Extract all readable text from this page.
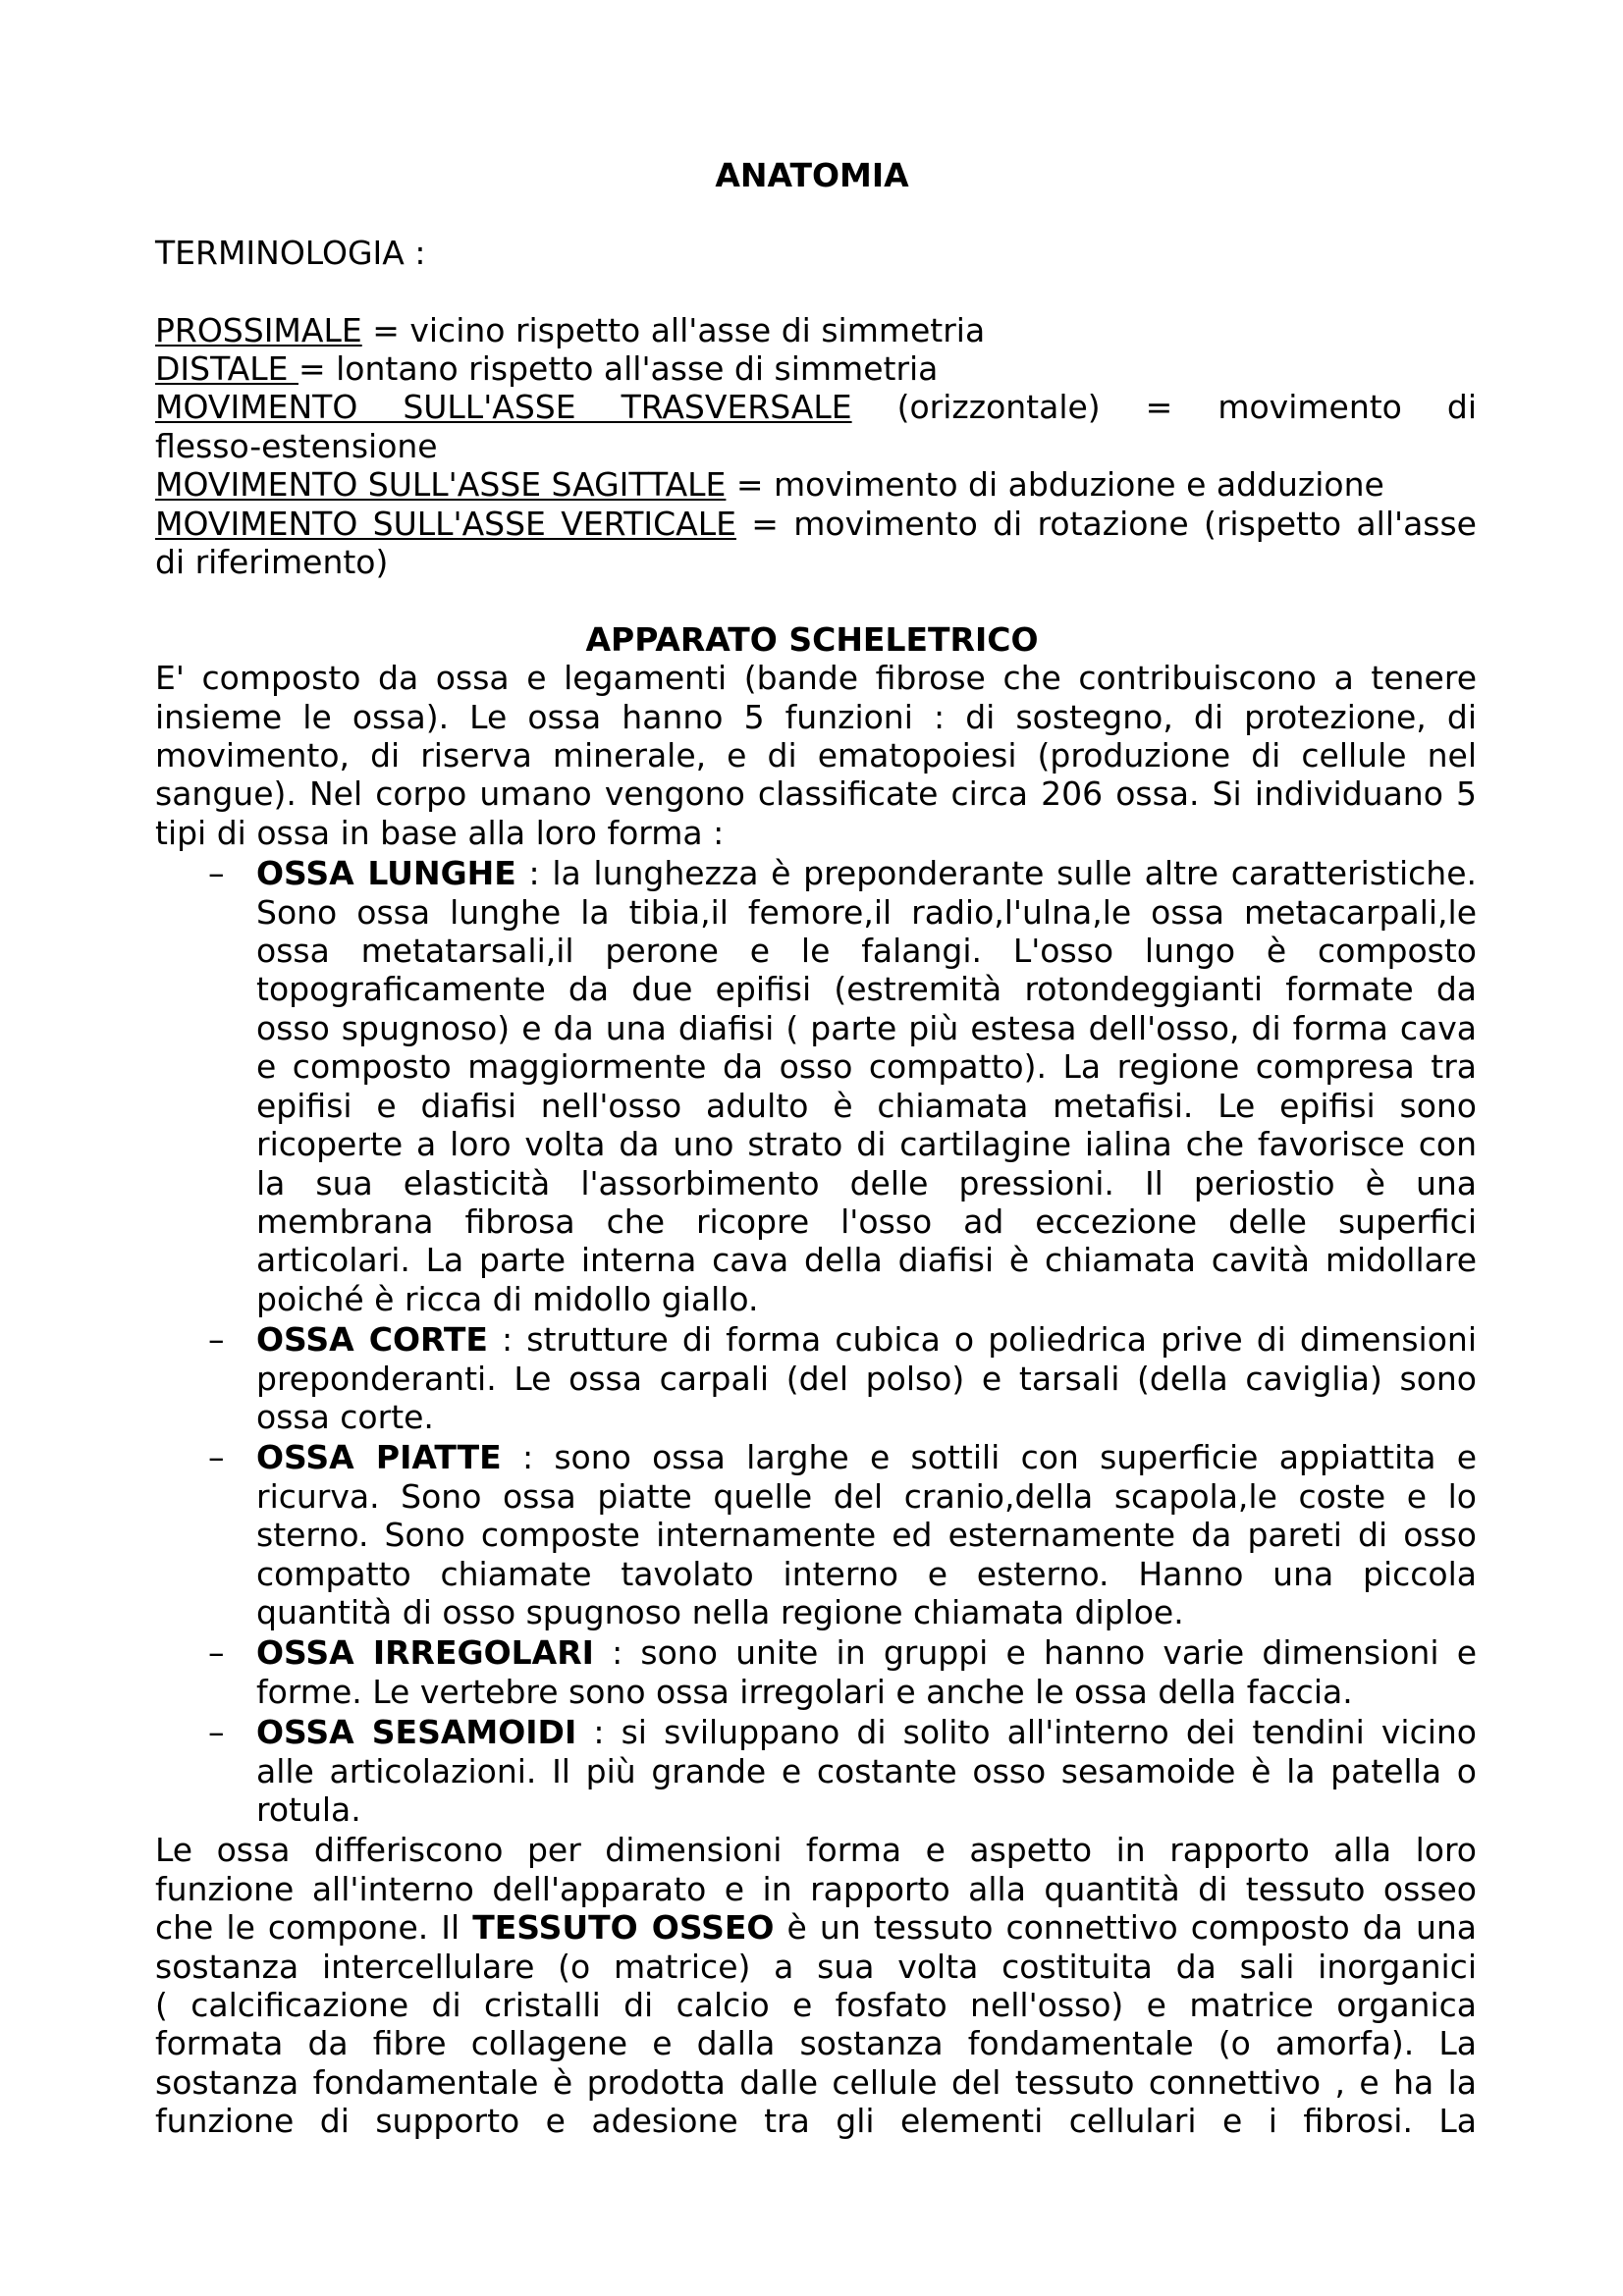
ANATOMIA
TERMINOLOGIA :
PROSSIMALE = vicino rispetto all'asse di simmetria
DISTALE = lontano rispetto all'asse di simmetria
MOVIMENTO SULL'ASSE TRASVERSALE (orizzontale) = movimento di
flesso-estensione
MOVIMENTO SULL'ASSE SAGITTALE = movimento di abduzione e adduzione
MOVIMENTO SULL'ASSE VERTICALE = movimento di rotazione (rispetto all'asse
di riferimento)
APPARATO SCHELETRICO
E' composto da ossa e legamenti (bande fibrose che contribuiscono a tenere
insieme le ossa). Le ossa hanno 5 funzioni : di sostegno, di protezione, di
movimento, di riserva minerale, e di ematopoiesi (produzione di cellule nel
sangue). Nel corpo umano vengono classificate circa 206 ossa. Si individuano 5
tipi di ossa in base alla loro forma :
– OSSA LUNGHE : la lunghezza è preponderante sulle altre caratteristiche.
Sono ossa lunghe la tibia,il femore,il radio,l'ulna,le ossa metacarpali,le
ossa metatarsali,il perone e le falangi. L'osso lungo è composto
topograficamente da due epifisi (estremità rotondeggianti formate da
osso spugnoso) e da una diafisi ( parte più estesa dell'osso, di forma cava
e composto maggiormente da osso compatto). La regione compresa tra
epifisi e diafisi nell'osso adulto è chiamata metafisi. Le epifisi sono
ricoperte a loro volta da uno strato di cartilagine ialina che favorisce con
la sua elasticità l'assorbimento delle pressioni. Il periostio è una
membrana fibrosa che ricopre l'osso ad eccezione delle superfici
articolari. La parte interna cava della diafisi è chiamata cavità midollare
poiché è ricca di midollo giallo.
– OSSA CORTE : strutture di forma cubica o poliedrica prive di dimensioni
preponderanti. Le ossa carpali (del polso) e tarsali (della caviglia) sono
ossa corte.
– OSSA PIATTE : sono ossa larghe e sottili con superficie appiattita e
ricurva. Sono ossa piatte quelle del cranio,della scapola,le coste e lo
sterno. Sono composte internamente ed esternamente da pareti di osso
compatto chiamate tavolato interno e esterno. Hanno una piccola
quantità di osso spugnoso nella regione chiamata diploe.
– OSSA IRREGOLARI : sono unite in gruppi e hanno varie dimensioni e
forme. Le vertebre sono ossa irregolari e anche le ossa della faccia.
– OSSA SESAMOIDI : si sviluppano di solito all'interno dei tendini vicino
alle articolazioni. Il più grande e costante osso sesamoide è la patella o
rotula.
Le ossa differiscono per dimensioni forma e aspetto in rapporto alla loro
funzione all'interno dell'apparato e in rapporto alla quantità di tessuto osseo
che le compone. Il TESSUTO OSSEO è un tessuto connettivo composto da una
sostanza intercellulare (o matrice) a sua volta costituita da sali inorganici
( calcificazione di cristalli di calcio e fosfato nell'osso) e matrice organica
formata da fibre collagene e dalla sostanza fondamentale (o amorfa). La
sostanza fondamentale è prodotta dalle cellule del tessuto connettivo , e ha la
funzione di supporto e adesione tra gli elementi cellulari e i fibrosi. La
